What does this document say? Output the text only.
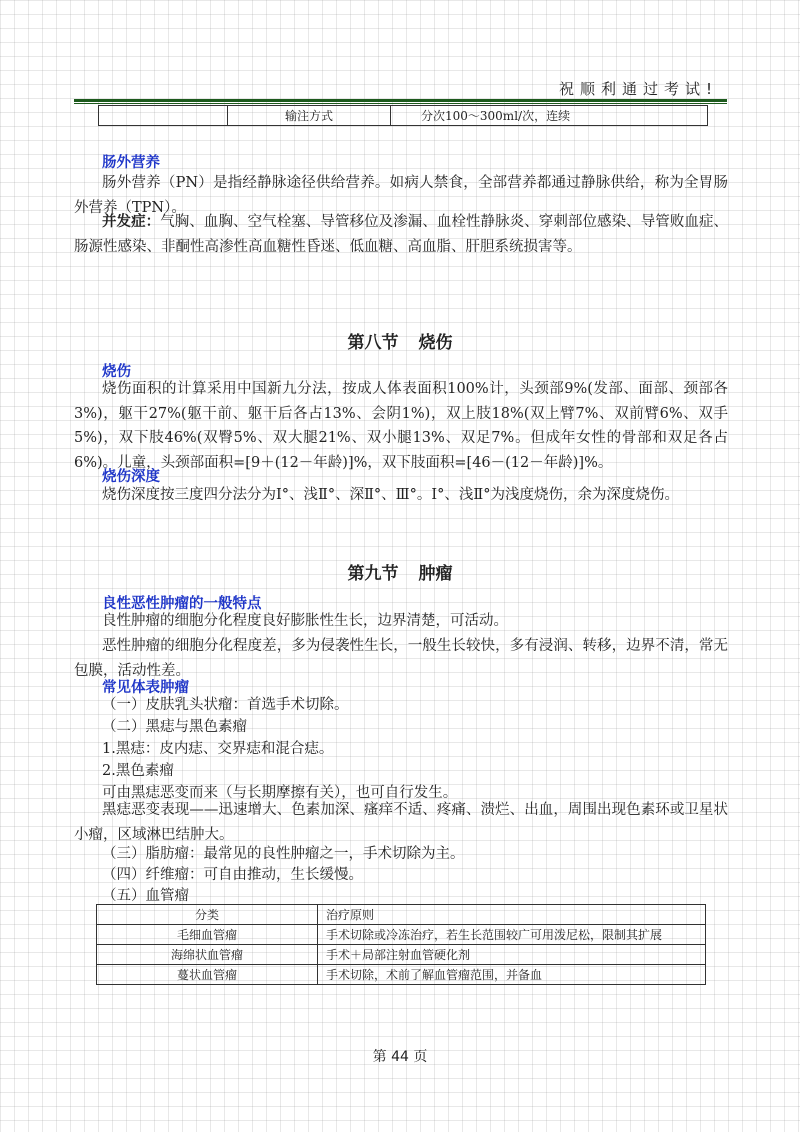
祝顺利通过考试!
	输注方式	分次100～300ml/次，连续
肠外营养
肠外营养（PN）是指经静脉途径供给营养。如病人禁食，全部营养都通过静脉供给，称为全胃肠外营养（TPN）。
并发症：气胸、血胸、空气栓塞、导管移位及渗漏、血栓性静脉炎、穿刺部位感染、导管败血症、肠源性感染、非酮性高渗性高血糖性昏迷、低血糖、高血脂、肝胆系统损害等。
第八节 烧伤
烧伤
烧伤面积的计算采用中国新九分法，按成人体表面积100%计，头颈部9%(发部、面部、颈部各3%)，躯干27%(躯干前、躯干后各占13%、会阴1%)，双上肢18%(双上臂7%、双前臂6%、双手5%)，双下肢46%(双臀5%、双大腿21%、双小腿13%、双足7%。但成年女性的骨部和双足各占6%)。儿童，头颈部面积=[9＋(12－年龄)]%，双下肢面积=[46－(12－年龄)]%。
烧伤深度
烧伤深度按三度四分法分为Ⅰ°、浅Ⅱ°、深Ⅱ°、Ⅲ°。Ⅰ°、浅Ⅱ°为浅度烧伤，余为深度烧伤。
第九节 肿瘤
良性恶性肿瘤的一般特点
良性肿瘤的细胞分化程度良好膨胀性生长，边界清楚，可活动。
恶性肿瘤的细胞分化程度差，多为侵袭性生长，一般生长较快，多有浸润、转移，边界不清，常无包膜，活动性差。
常见体表肿瘤
（一）皮肤乳头状瘤：首选手术切除。
（二）黑痣与黑色素瘤
1.黑痣：皮内痣、交界痣和混合痣。
2.黑色素瘤
可由黑痣恶变而来（与长期摩擦有关），也可自行发生。
黑痣恶变表现——迅速增大、色素加深、瘙痒不适、疼痛、溃烂、出血，周围出现色素环或卫星状小瘤，区域淋巴结肿大。
（三）脂肪瘤：最常见的良性肿瘤之一，手术切除为主。
（四）纤维瘤：可自由推动，生长缓慢。
（五）血管瘤
分类	治疗原则
毛细血管瘤	手术切除或冷冻治疗，若生长范围较广可用泼尼松，限制其扩展
海绵状血管瘤	手术＋局部注射血管硬化剂
蔓状血管瘤	手术切除，术前了解血管瘤范围，并备血
第 44 页
